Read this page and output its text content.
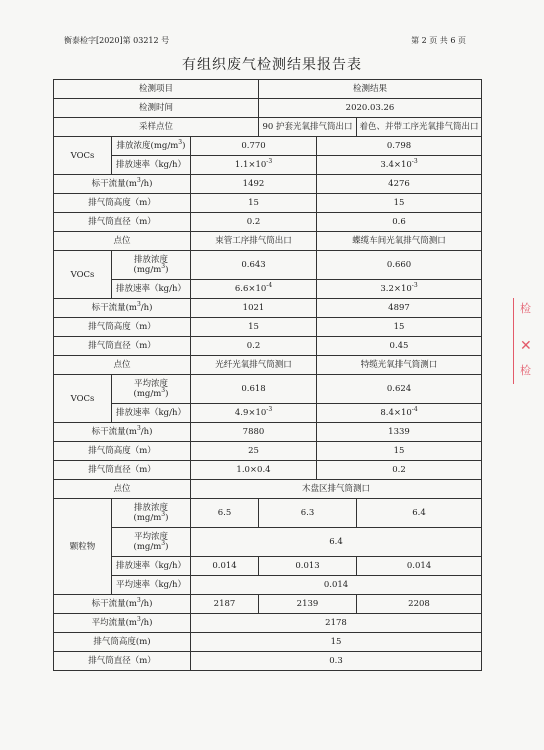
衡泰检字[2020]第 03212 号	第 2 页 共 6 页
有组织废气检测结果报告表
检测项目			检测结果		
检测时间			2020.03.26		
采样点位			90 护套光氧排气筒出口		着色、并带工序光氧排气筒出口
VOCs	排放浓度$(mg/m^3)$	0.770		0.798	
	排放速率（kg/h）	$1.1\times 10^{-3}$		$3.4\times 10^{-3}$
标干流量$(m^3/h)$		1492		4276	
排气筒高度（m）		15		15	
排气筒直径（m）		0.2		0.6	
点位		束管工序排气筒出口		蝶缆车间光氧排气筒测口	
VOCs	排放浓度
$(mg/m^3)$	0.643		0.660	
	排放速率（kg/h）	$6.6\times 10^{-4}$		$3.2\times 10^{-3}$
标干流量$(m^3/h)$		1021		4897	
排气筒高度（m）		15		15	
排气筒直径（m）		0.2		0.45	
点位		光纤光氧排气筒测口		特缆光氧排气筒测口	
VOCs	平均浓度
$(mg/m^3)$	0.618		0.624	
	排放速率（kg/h）	$4.9\times 10^{-3}$		$8.4\times 10^{-4}$
标干流量$(m^3/h)$		7880		1339	
排气筒高度（m）		25		15	
排气筒直径（m）		1.0×0.4		0.2	
点位		木盘区排气筒测口			
颗粒物	排放浓度
$(mg/m^3)$	6.5	6.3		6.4
	平均浓度
$(mg/m^3)$	6.4			
	排放速率（kg/h）	0.014	0.013		0.014
	平均速率（kg/h）	0.014			
标干流量$(m^3/h)$		2187	2139		2208
平均流量$(m^3/h)$		2178			
排气筒高度(m)		15			
排气筒直径（m）		0.3			
检
✕
检
